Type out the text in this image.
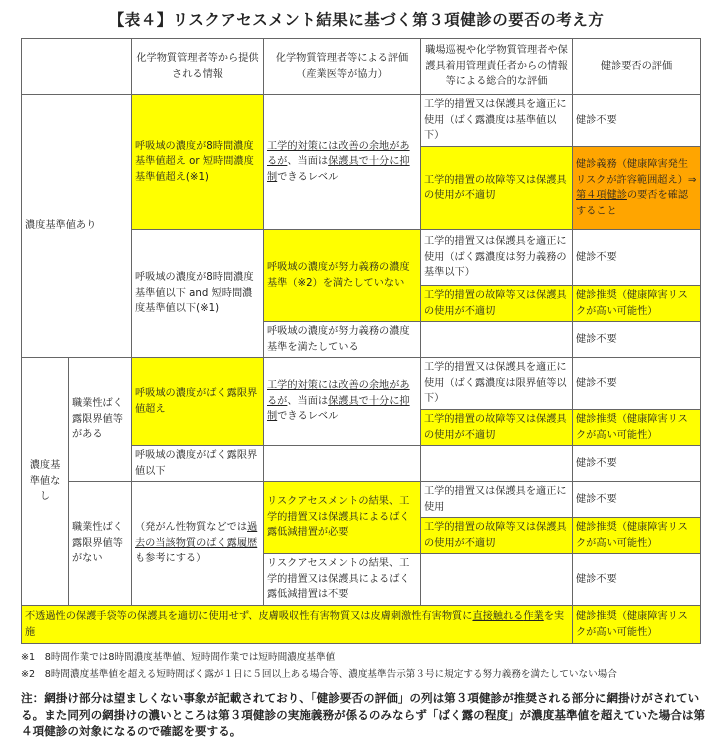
【表４】リスクアセスメント結果に基づく第３項健診の要否の考え方
		化学物質管理者等から提供される情報	化学物質管理者等による評価（産業医等が協力）	職場巡視や化学物質管理者や保護具着用管理責任者からの情報等による総合的な評価	健診要否の評価
濃度基準値あり		呼吸域の濃度が8時間濃度基準値超え or 短時間濃度基準値超え(※1)	工学的対策には改善の余地があるが、当面は保護具で十分に抑制できるレベル	工学的措置又は保護具を適正に使用（ばく露濃度は基準値以下）	健診不要
				工学的措置の故障等又は保護具の使用が不適切	健診義務（健康障害発生リスクが許容範囲超え）⇒第４項健診の要否を確認すること
		呼吸域の濃度が8時間濃度基準値以下 and 短時間濃度基準値以下(※1)	呼吸域の濃度が努力義務の濃度基準（※2）を満たしていない	工学的措置又は保護具を適正に使用（ばく露濃度は努力義務の基準以下）	健診不要
				工学的措置の故障等又は保護具の使用が不適切	健診推奨（健康障害リスクが高い可能性）
			呼吸域の濃度が努力義務の濃度基準を満たしている		健診不要

濃度基準値なし	職業性ばく露限界値等がある	呼吸域の濃度がばく露限界値超え	工学的対策には改善の余地があるが、当面は保護具で十分に抑制できるレベル	工学的措置又は保護具を適正に使用（ばく露濃度は限界値等以下）	健診不要
				工学的措置の故障等又は保護具の使用が不適切	健診推奨（健康障害リスクが高い可能性）
		呼吸域の濃度がばく露限界値以下			健診不要
	職業性ばく露限界値等がない	（発がん性物質などでは過去の当該物質のばく露履歴も参考にする）	リスクアセスメントの結果、工学的措置又は保護具によるばく露低減措置が必要	工学的措置又は保護具を適正に使用	健診不要
				工学的措置の故障等又は保護具の使用が不適切	健診推奨（健康障害リスクが高い可能性）
			リスクアセスメントの結果、工学的措置又は保護具によるばく露低減措置は不要		健診不要

不透過性の保護手袋等の保護具を適切に使用せず、皮膚吸収性有害物質又は皮膚刺激性有害物質に直接触れる作業を実施					健診推奨（健康障害リスクが高い可能性）
※1　8時間作業では8時間濃度基準値、短時間作業では短時間濃度基準値
※2　8時間濃度基準値を超える短時間ばく露が１日に５回以上ある場合等、濃度基準告示第３号に規定する努力義務を満たしていない場合
注：網掛け部分は望ましくない事象が記載されており、「健診要否の評価」の列は第３項健診が推奨される部分に網掛けがされている。また同列の網掛けの濃いところは第３項健診の実施義務が係るのみならず「ばく露の程度」が濃度基準値を超えていた場合は第４項健診の対象になるので確認を要する。
